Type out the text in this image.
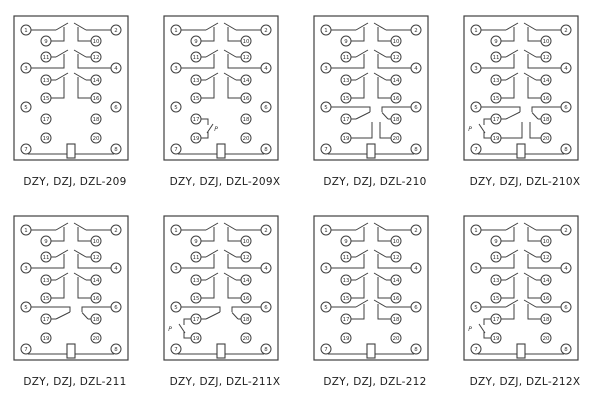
1	2
9	10
11	12
3	4
13	14
15	16
5	6
17	18
19	20
7	8
DZY, DZJ, DZL-209
P
1	2
9	10
11	12
3	4
13	14
15	16
5	6
17	18
19	20
7	8
DZY, DZJ, DZL-209X
1	2
9	10
11	12
3	4
13	14
15	16
5	6
17	18
19	20
7	8
DZY, DZJ, DZL-210
P
1	2
9	10
11	12
3	4
13	14
15	16
5	6
17	18
19	20
7	8
DZY, DZJ, DZL-210X
1	2
9	10
11	12
3	4
13	14
15	16
5	6
17	18
19	20
7	8
DZY, DZJ, DZL-211
P
1	2
9	10
11	12
3	4
13	14
15	16
5	6
17	18
19	20
7	8
DZY, DZJ, DZL-211X
1	2
9	10
11	12
3	4
13	14
15	16
5	6
17	18
19	20
7	8
DZY, DZJ, DZL-212
P
1	2
9	10
11	12
3	4
13	14
15	16
5	6
17	18
19	20
7	8
DZY, DZJ, DZL-212X
